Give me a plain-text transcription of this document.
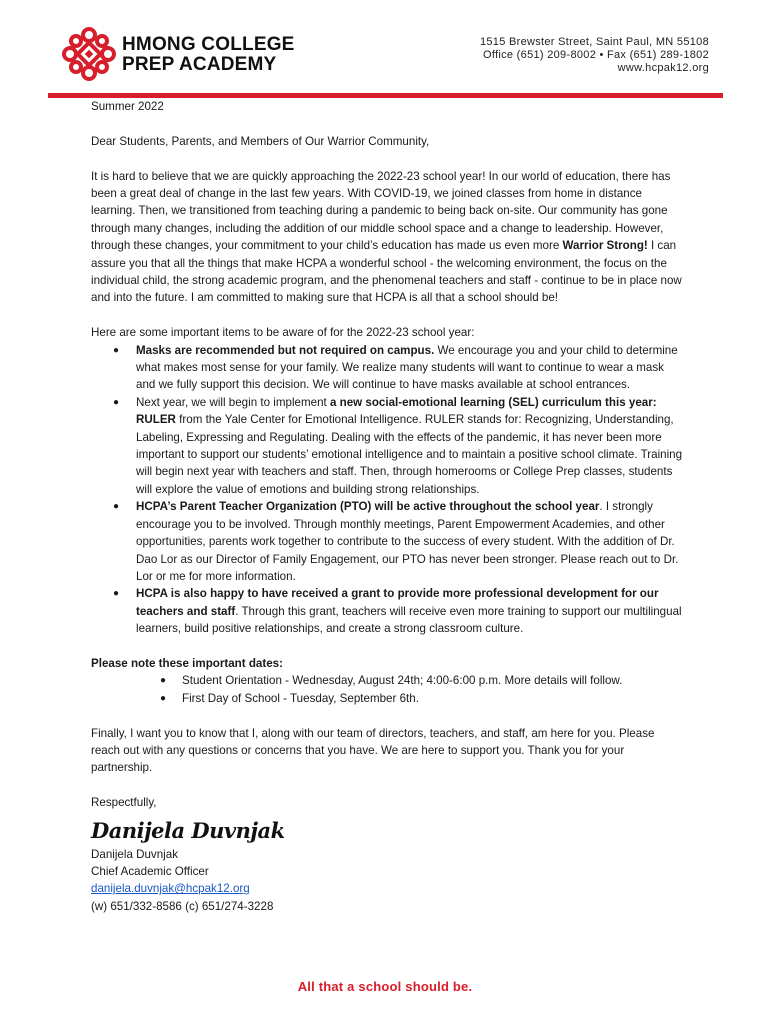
HMONG COLLEGE
PREP ACADEMY
1515 Brewster Street, Saint Paul, MN 55108
Office (651) 209-8002 • Fax (651) 289-1802
www.hcpak12.org

Summer 2022

Dear Students, Parents, and Members of Our Warrior Community,

It is hard to believe that we are quickly approaching the 2022-23 school year! In our world of education, there has been a great deal of change in the last few years. With COVID-19, we joined classes from home in distance learning. Then, we transitioned from teaching during a pandemic to being back on-site. Our community has gone through many changes, including the addition of our middle school space and a change to leadership. However, through these changes, your commitment to your child’s education has made us even more Warrior Strong! I can assure you that all the things that make HCPA a wonderful school - the welcoming environment, the focus on the individual child, the strong academic program, and the phenomenal teachers and staff - continue to be in place now and into the future. I am committed to making sure that HCPA is all that a school should be!

Here are some important items to be aware of for the 2022-23 school year:

● Masks are recommended but not required on campus. We encourage you and your child to determine what makes most sense for your family. We realize many students will want to continue to wear a mask and we fully support this decision. We will continue to have masks available at school entrances.
● Next year, we will begin to implement a new social-emotional learning (SEL) curriculum this year: RULER from the Yale Center for Emotional Intelligence. RULER stands for: Recognizing, Understanding, Labeling, Expressing and Regulating. Dealing with the effects of the pandemic, it has never been more important to support our students’ emotional intelligence and to maintain a positive school climate. Training will begin next year with teachers and staff. Then, through homerooms or College Prep classes, students will explore the value of emotions and building strong relationships.
● HCPA’s Parent Teacher Organization (PTO) will be active throughout the school year. I strongly encourage you to be involved. Through monthly meetings, Parent Empowerment Academies, and other opportunities, parents work together to contribute to the success of every student. With the addition of Dr. Dao Lor as our Director of Family Engagement, our PTO has never been stronger. Please reach out to Dr. Lor or me for more information.
● HCPA is also happy to have received a grant to provide more professional development for our teachers and staff. Through this grant, teachers will receive even more training to support our multilingual learners, build positive relationships, and create a strong classroom culture.

Please note these important dates:

● Student Orientation - Wednesday, August 24th; 4:00-6:00 p.m. More details will follow.
● First Day of School - Tuesday, September 6th.

Finally, I want you to know that I, along with our team of directors, teachers, and staff, am here for you. Please reach out with any questions or concerns that you have. We are here to support you. Thank you for your partnership.

Respectfully,

Danijela Duvnjak

Danijela Duvnjak

Chief Academic Officer

danijela.duvnjak@hcpak12.org

(w) 651/332-8586 (c) 651/274-3228

All that a school should be.
